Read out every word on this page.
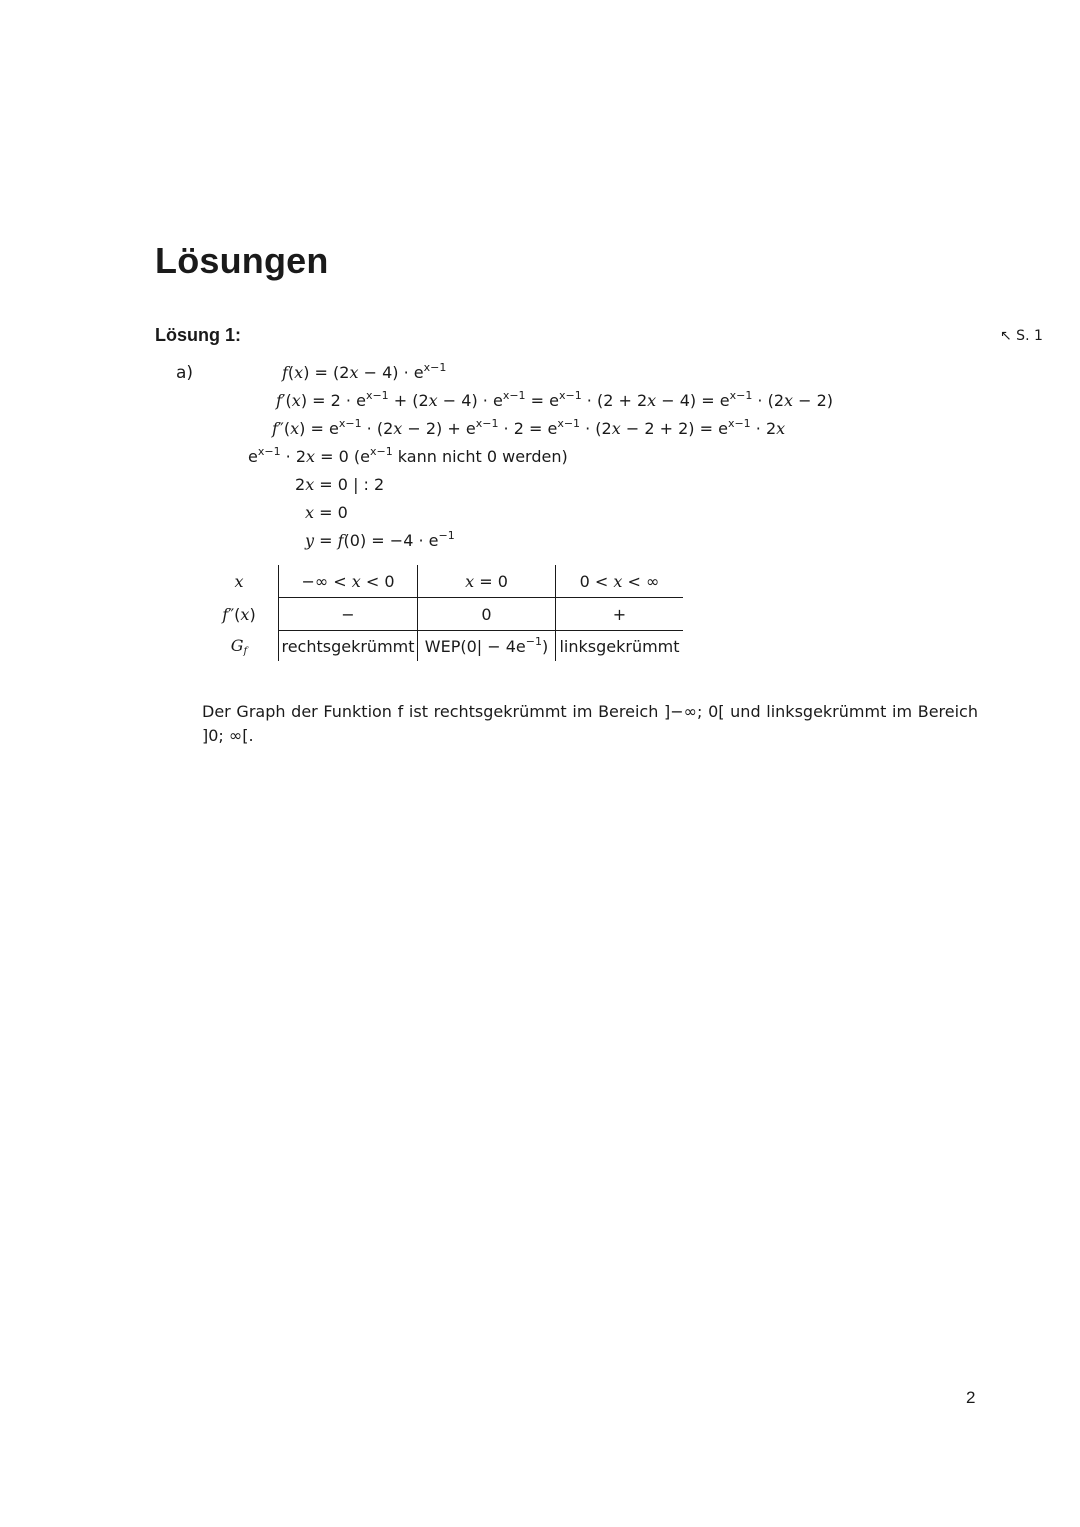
Lösungen
Lösung 1:	↖ S. 1
a)	$f(x) = (2x - 4) \cdot e^{x-1}$
$f'(x) = 2 \cdot e^{x-1} + (2x - 4) \cdot e^{x-1} = e^{x-1} \cdot (2 + 2x - 4) = e^{x-1} \cdot (2x - 2)$
$f''(x) = e^{x-1} \cdot (2x - 2) + e^{x-1} \cdot 2 = e^{x-1} \cdot (2x - 2 + 2) = e^{x-1} \cdot 2x$
$e^{x-1} \cdot 2x = 0$ ($e^{x-1}$ kann nicht 0 werden)
2x = 0 | : 2
x = 0
$y = f(0) = -4 \cdot e^{-1}$
x	−∞ < x < 0	x = 0	0 < x < ∞
f″(x)	−	0	+
$G_f$	rechtsgekrümmt	$WEP(0| - 4e^{-1})$	linksgekrümmt
Der Graph der Funktion f ist rechtsgekrümmt im Bereich ]−∞; 0[ und linksgekrümmt im Bereich ]0; ∞[.
2
